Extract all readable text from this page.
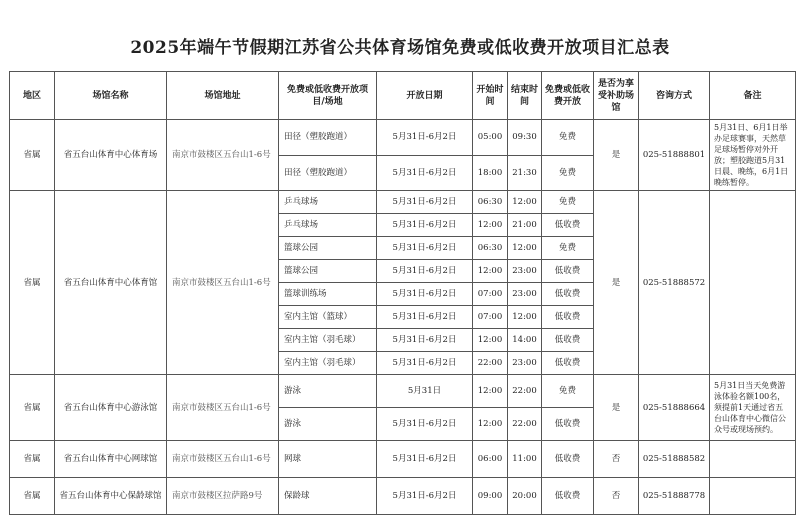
2025年端午节假期江苏省公共体育场馆免费或低收费开放项目汇总表
地区	场馆名称	场馆地址	免费或低收费开放项目/场地	开放日期	开始时间	结束时间	免费或低收费开放	是否为享受补助场馆	咨询方式	备注
省属	省五台山体育中心体育场	南京市鼓楼区五台山1-6号	田径（塑胶跑道）	5月31日-6月2日	05:00	09:30	免费	是	025-51888801	5月31日、6月1日举办足球赛事，天然草足球场暂停对外开放；塑胶跑道5月31日晨、晚练，6月1日晚练暂停。
			田径（塑胶跑道）	5月31日-6月2日	18:00	21:30	免费			
省属	省五台山体育中心体育馆	南京市鼓楼区五台山1-6号	乒乓球场	5月31日-6月2日	06:30	12:00	免费	是	025-51888572	
			乒乓球场	5月31日-6月2日	12:00	21:00	低收费			
			篮球公园	5月31日-6月2日	06:30	12:00	免费			
			篮球公园	5月31日-6月2日	12:00	23:00	低收费			
			篮球训练场	5月31日-6月2日	07:00	23:00	低收费			
			室内主馆（篮球）	5月31日-6月2日	07:00	12:00	低收费			
			室内主馆（羽毛球）	5月31日-6月2日	12:00	14:00	低收费			
			室内主馆（羽毛球）	5月31日-6月2日	22:00	23:00	低收费			
省属	省五台山体育中心游泳馆	南京市鼓楼区五台山1-6号	游泳	5月31日	12:00	22:00	免费	是	025-51888664	5月31日当天免费游泳体验名额100名，须提前1天通过省五台山体育中心微信公众号或现场预约。
			游泳	5月31日-6月2日	12:00	22:00	低收费			
省属	省五台山体育中心网球馆	南京市鼓楼区五台山1-6号	网球	5月31日-6月2日	06:00	11:00	低收费	否	025-51888582	
省属	省五台山体育中心保龄球馆	南京市鼓楼区拉萨路9号	保龄球	5月31日-6月2日	09:00	20:00	低收费	否	025-51888778	
